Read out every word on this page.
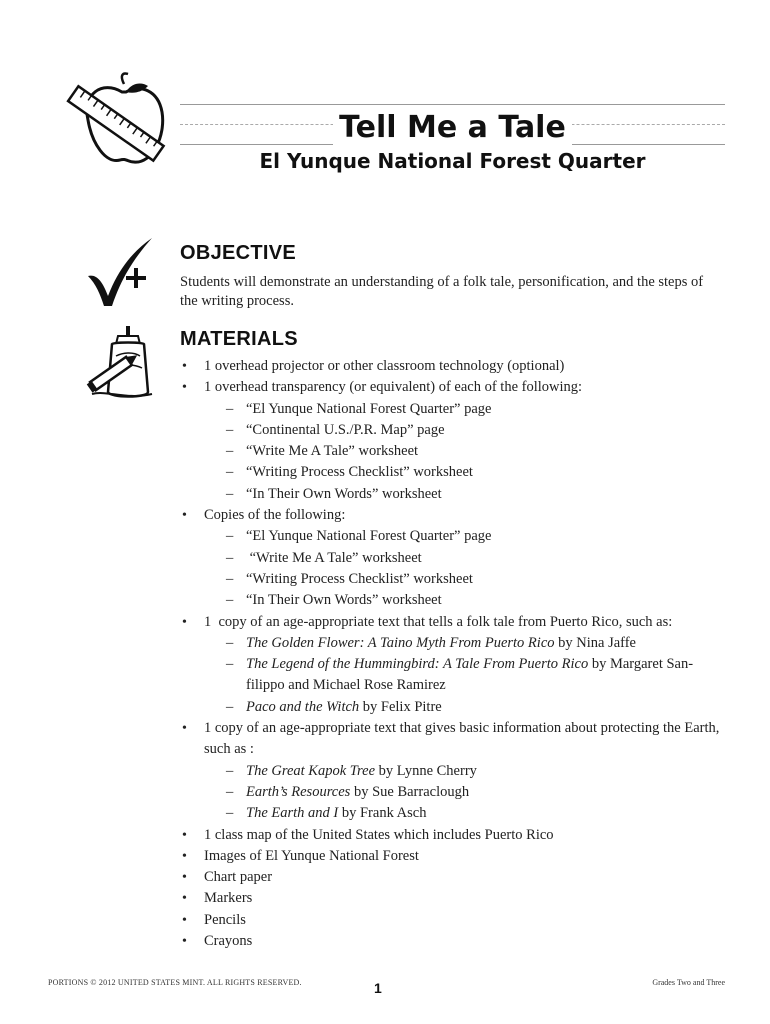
Tell Me a Tale
El Yunque National Forest Quarter
OBJECTIVE
Students will demonstrate an understanding of a folk tale, personification, and the steps of the writing process.
MATERIALS
• 1 overhead projector or other classroom technology (optional)
• 1 overhead transparency (or equivalent) of each of the following:
– “El Yunque National Forest Quarter” page
– “Continental U.S./P.R. Map” page
– “Write Me A Tale” worksheet
– “Writing Process Checklist” worksheet
– “In Their Own Words” worksheet
• Copies of the following:
– “El Yunque National Forest Quarter” page
– “Write Me A Tale” worksheet
– “Writing Process Checklist” worksheet
– “In Their Own Words” worksheet
• 1  copy of an age-appropriate text that tells a folk tale from Puerto Rico, such as:
– The Golden Flower: A Taino Myth From Puerto Rico by Nina Jaffe
– The Legend of the Hummingbird: A Tale From Puerto Rico by Margaret San-filippo and Michael Rose Ramirez
– Paco and the Witch by Felix Pitre
• 1 copy of an age-appropriate text that gives basic information about protecting the Earth, such as :
– The Great Kapok Tree by Lynne Cherry
– Earth’s Resources by Sue Barraclough
– The Earth and I by Frank Asch
• 1 class map of the United States which includes Puerto Rico
• Images of El Yunque National Forest
• Chart paper
• Markers
• Pencils
• Crayons
PORTIONS © 2012 UNITED STATES MINT. ALL RIGHTS RESERVED.	1	Grades Two and Three
